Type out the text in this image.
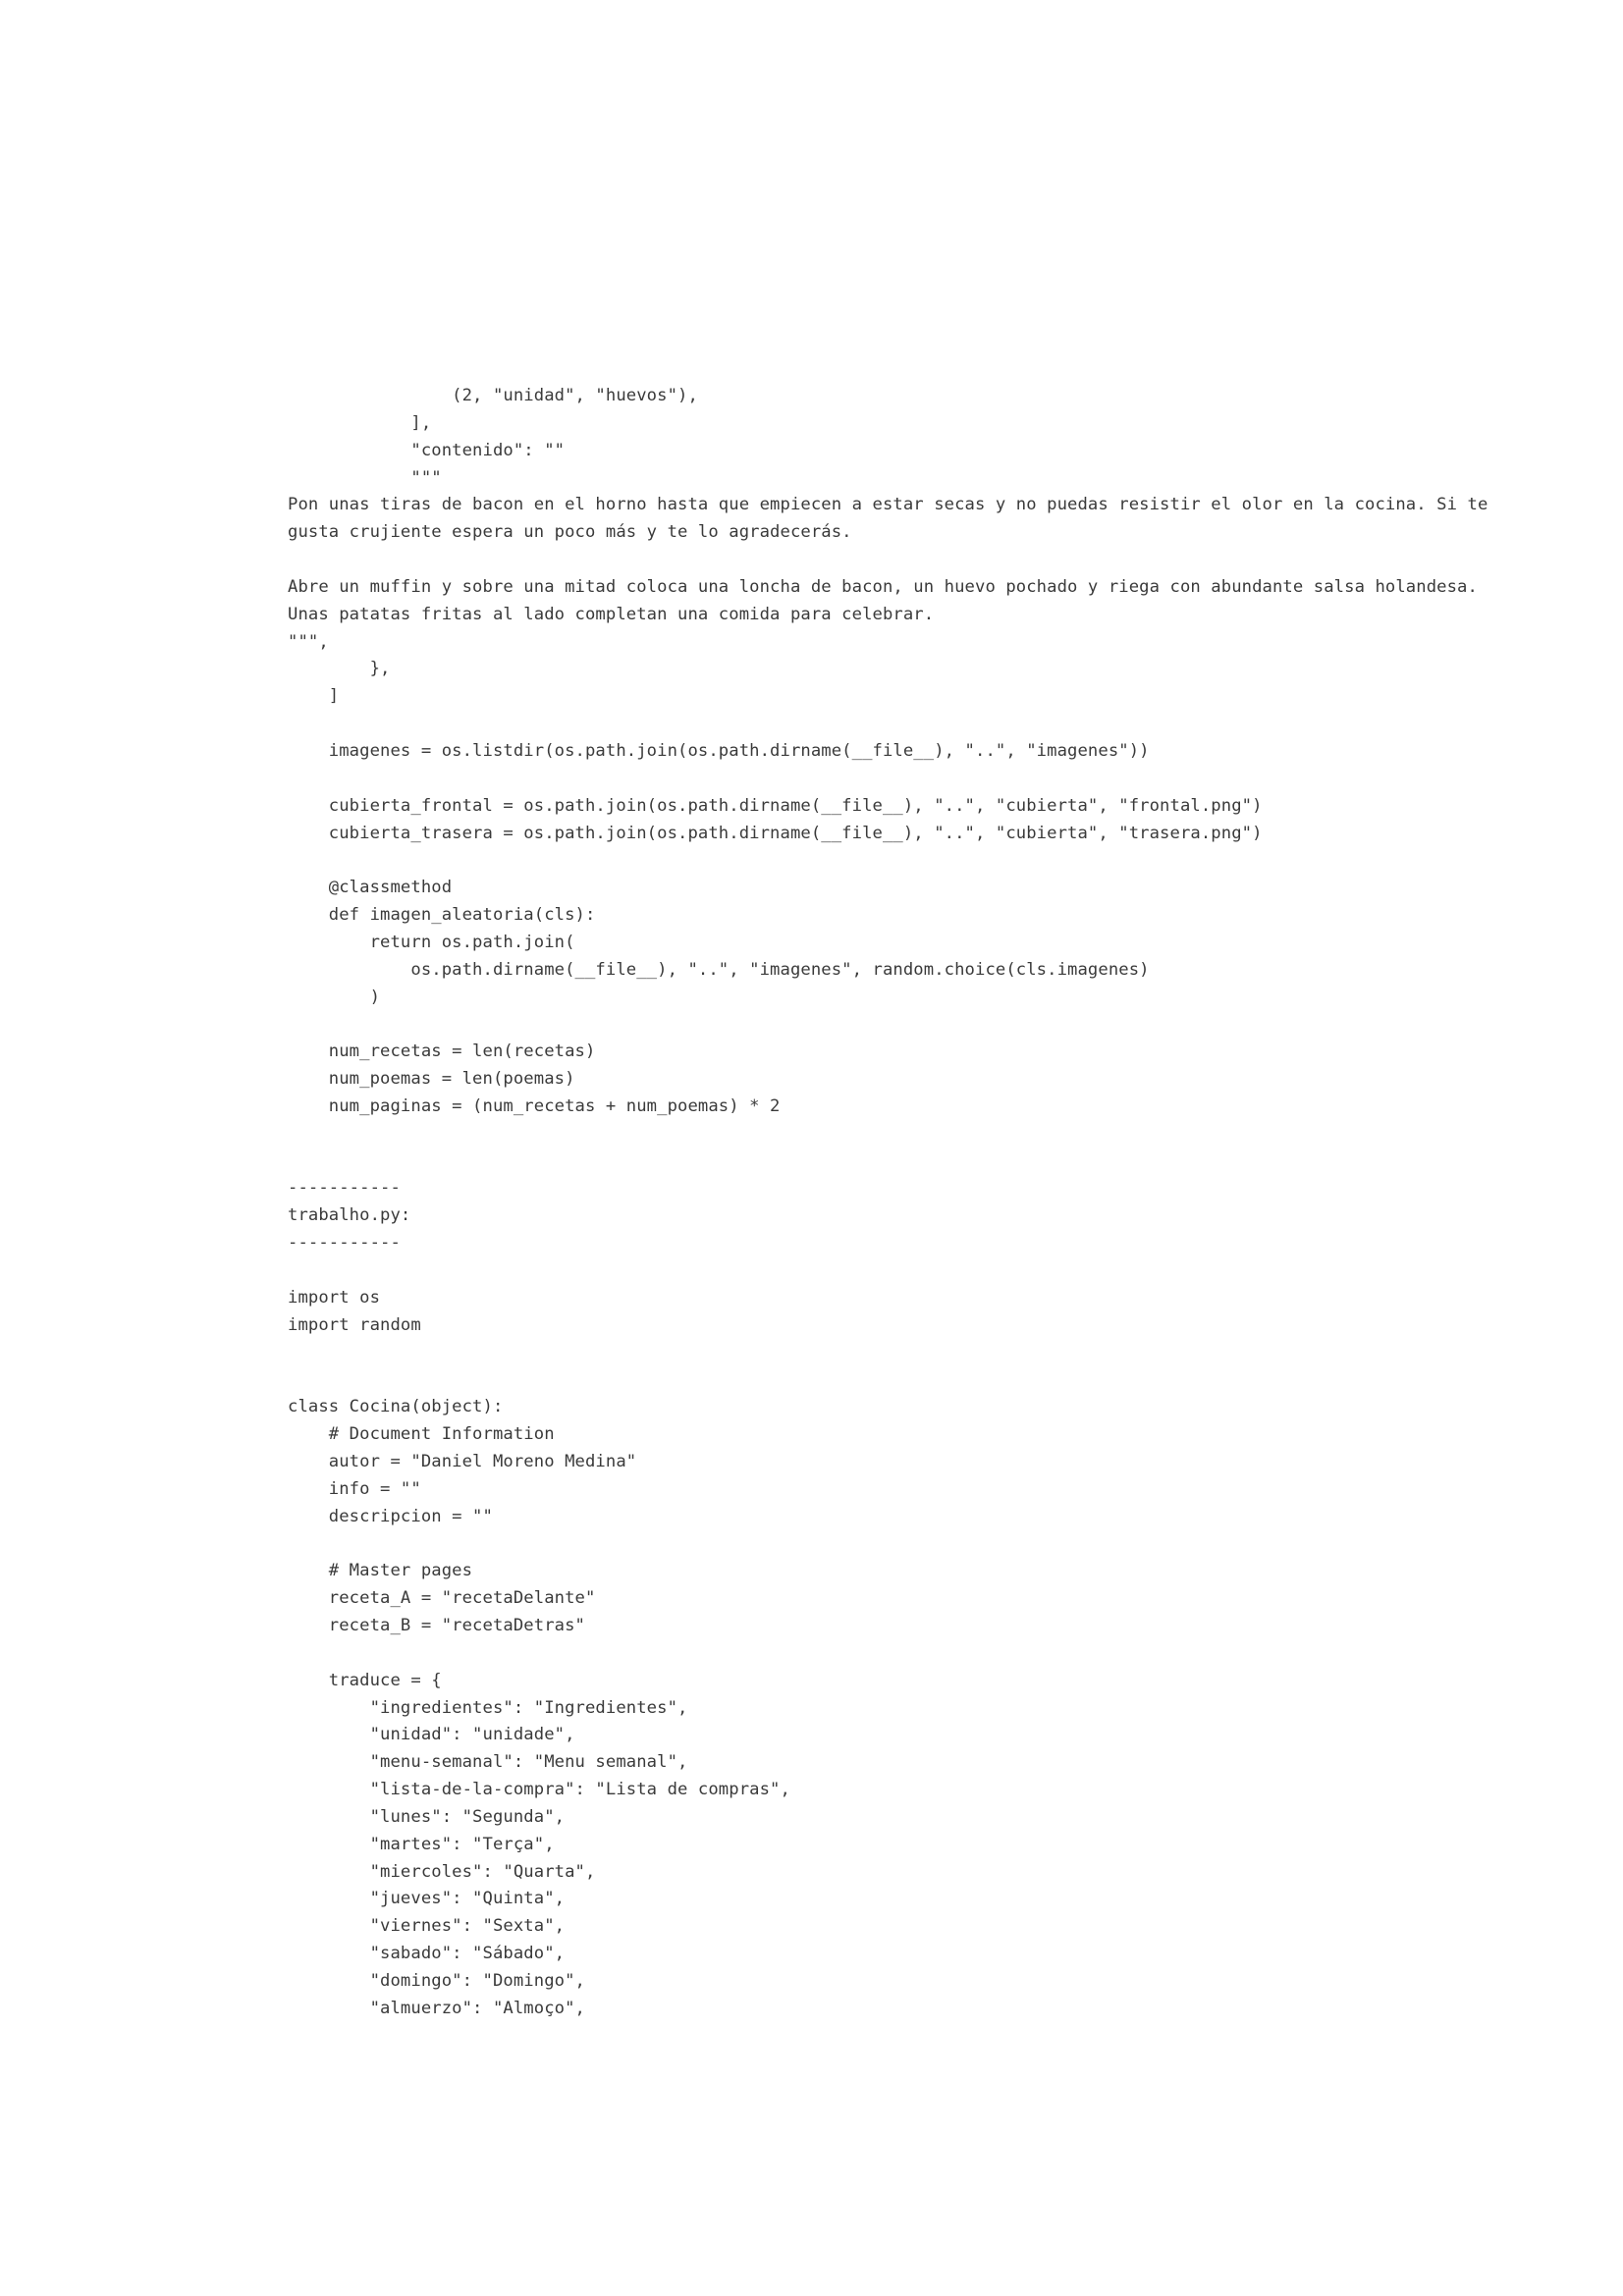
(2, "unidad", "huevos"),
],
"contenido": ""
"""
Pon unas tiras de bacon en el horno hasta que empiecen a estar secas y no puedas resistir el olor en la cocina. Si te
gusta crujiente espera un poco más y te lo agradecerás.
Abre un muffin y sobre una mitad coloca una loncha de bacon, un huevo pochado y riega con abundante salsa holandesa.
Unas patatas fritas al lado completan una comida para celebrar.
""",
},
]
imagenes = os.listdir(os.path.join(os.path.dirname(__file__), "..", "imagenes"))
cubierta_frontal = os.path.join(os.path.dirname(__file__), "..", "cubierta", "frontal.png")
cubierta_trasera = os.path.join(os.path.dirname(__file__), "..", "cubierta", "trasera.png")
@classmethod
def imagen_aleatoria(cls):
return os.path.join(
os.path.dirname(__file__), "..", "imagenes", random.choice(cls.imagenes)
)
num_recetas = len(recetas)
num_poemas = len(poemas)
num_paginas = (num_recetas + num_poemas) * 2
-----------
trabalho.py:
-----------
import os
import random
class Cocina(object):
# Document Information
autor = "Daniel Moreno Medina"
info = ""
descripcion = ""
# Master pages
receta_A = "recetaDelante"
receta_B = "recetaDetras"
traduce = {
"ingredientes": "Ingredientes",
"unidad": "unidade",
"menu-semanal": "Menu semanal",
"lista-de-la-compra": "Lista de compras",
"lunes": "Segunda",
"martes": "Terça",
"miercoles": "Quarta",
"jueves": "Quinta",
"viernes": "Sexta",
"sabado": "Sábado",
"domingo": "Domingo",
"almuerzo": "Almoço",
